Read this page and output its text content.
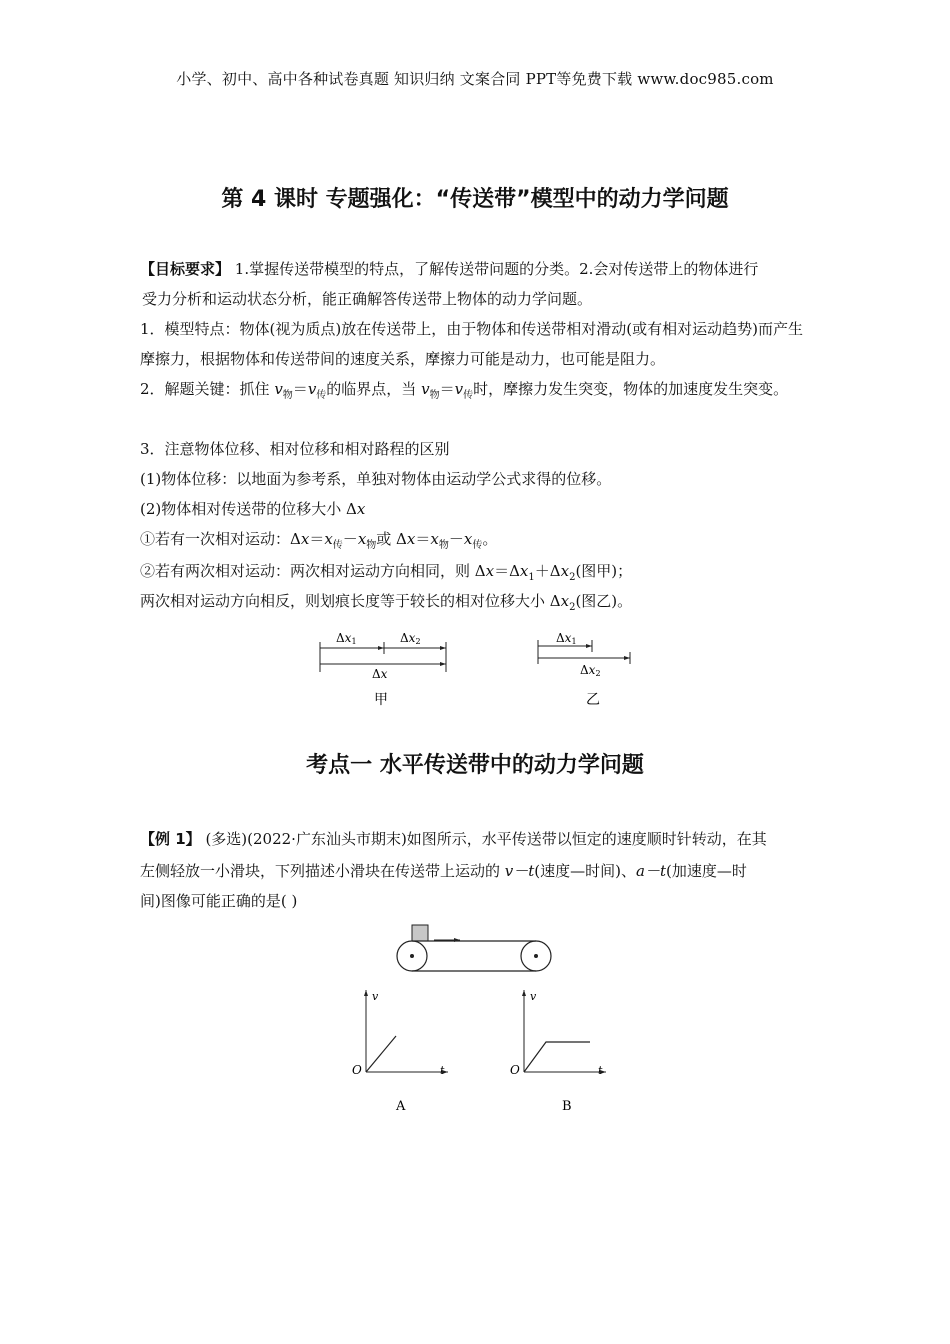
小学、初中、高中各种试卷真题 知识归纳 文案合同 PPT等免费下载 www.doc985.com
第 4 课时 专题强化：“传送带”模型中的动力学问题

【目标要求】 1.掌握传送带模型的特点，了解传送带问题的分类。2.会对传送带上的物体进行

受力分析和运动状态分析，能正确解答传送带上物体的动力学问题。

1．模型特点：物体(视为质点)放在传送带上，由于物体和传送带相对滑动(或有相对运动趋势)而产生摩擦力，根据物体和传送带间的速度关系，摩擦力可能是动力，也可能是阻力。

2．解题关键：抓住 $v_物=v_传$的临界点，当 $v_物=v_传$时，摩擦力发生突变，物体的加速度发生突变。

3．注意物体位移、相对位移和相对路程的区别

(1)物体位移：以地面为参考系，单独对物体由运动学公式求得的位移。

(2)物体相对传送带的位移大小 Δx

①若有一次相对运动：$\Delta x=x_传-x_物$或 $\Delta x=x_物-x_传$。

②若有两次相对运动：两次相对运动方向相同，则 $\Delta x=\Delta x_1+\Delta x_2$(图甲)；

两次相对运动方向相反，则划痕长度等于较长的相对位移大小 $\Delta x_2$(图乙)。

Δx1	Δx2
Δx
甲
Δx1
Δx2
乙
考点一 水平传送带中的动力学问题

【例 1】 (多选)(2022·广东汕头市期末)如图所示，水平传送带以恒定的速度顺时针转动，在其

左侧轻放一小滑块，下列描述小滑块在传送带上运动的 v－t(速度—时间)、a－t(加速度—时

间)图像可能正确的是( )

v
O	t
A
v
O	t
B
